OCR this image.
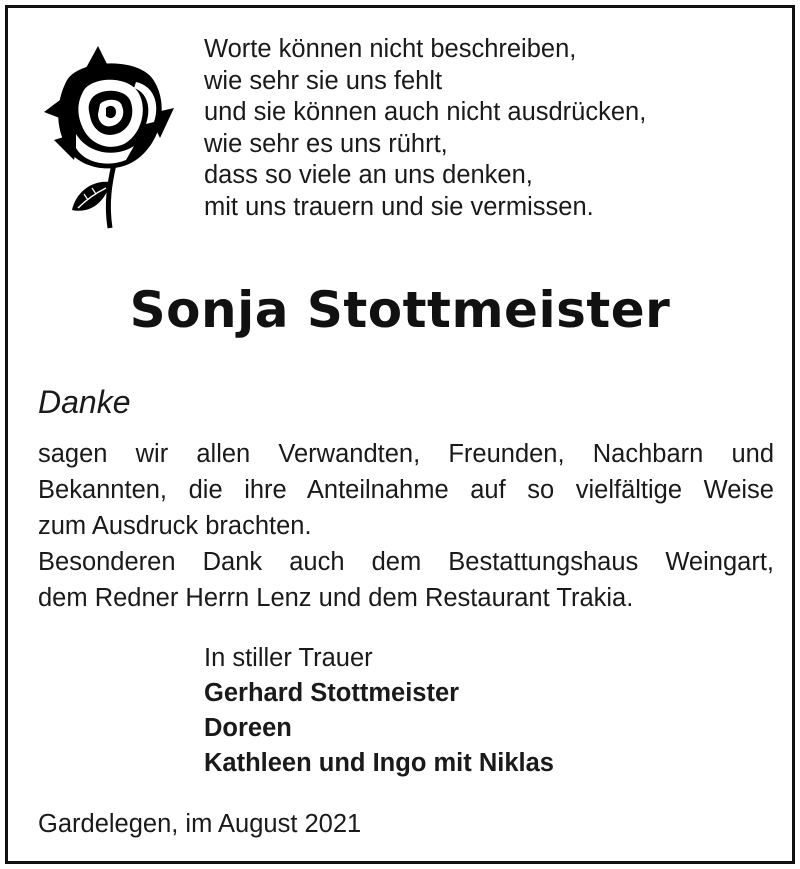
Worte können nicht beschreiben,
wie sehr sie uns fehlt
und sie können auch nicht ausdrücken,
wie sehr es uns rührt,
dass so viele an uns denken,
mit uns trauern und sie vermissen.
Sonja Stottmeister
Danke
sagen wir allen Verwandten, Freunden, Nachbarn und
Bekannten, die ihre Anteilnahme auf so vielfältige Weise
zum Ausdruck brachten.
Besonderen Dank auch dem Bestattungshaus Weingart,
dem Redner Herrn Lenz und dem Restaurant Trakia.
In stiller Trauer
Gerhard Stottmeister
Doreen
Kathleen und Ingo mit Niklas
Gardelegen, im August 2021
